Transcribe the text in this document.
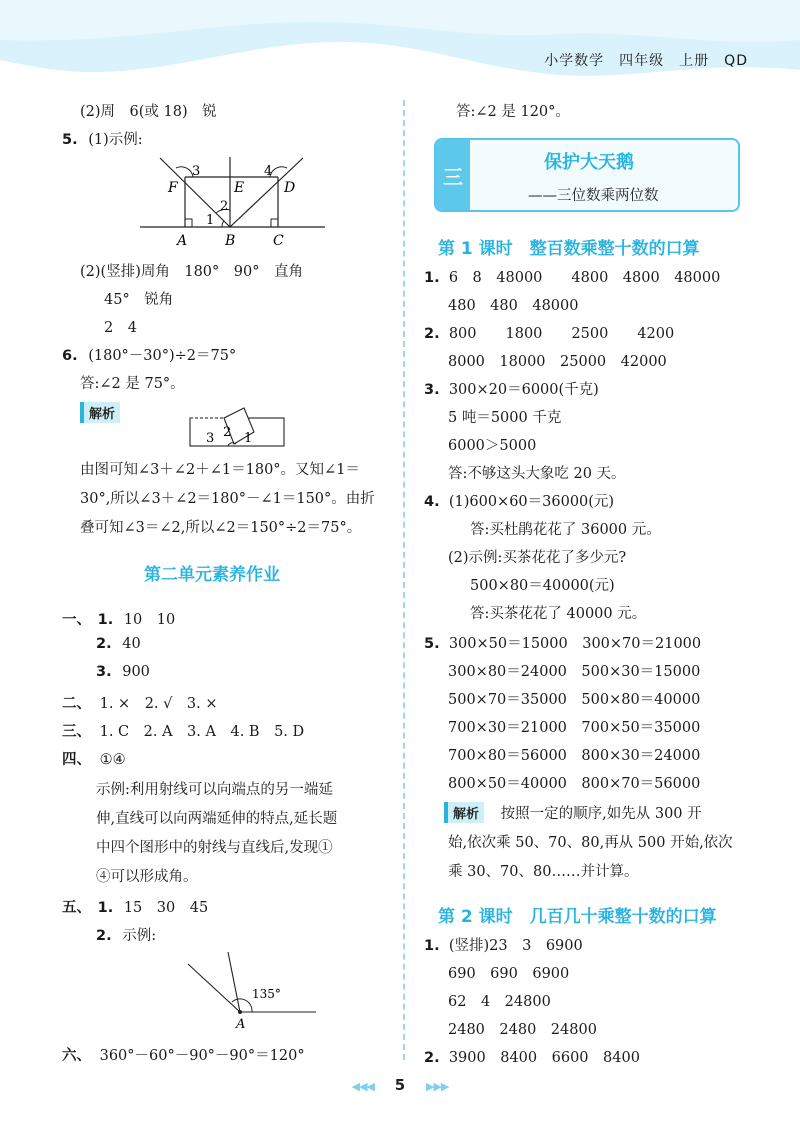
小学数学　四年级　上册　QD
(2)周　6(或 18)　锐
5. (1)示例:
3	4
F	E	D
2
1
A	B	C
(2)(竖排)周角　180°　90°　直角
45°　锐角
2　4
6. (180°－30°)÷2＝75°
答:∠2 是 75°。
解析
3 2 1
由图可知∠3＋∠2＋∠1＝180°。又知∠1＝
30°,所以∠3＋∠2＝180°－∠1＝150°。由折
叠可知∠3＝∠2,所以∠2＝150°÷2＝75°。
第二单元素养作业
一、 1. 10　10
2. 40
3. 900
二、 1. ×　2. √　3. ×
三、 1. C　2. A　3. A　4. B　5. D
四、 ①④
示例:利用射线可以向端点的另一端延
伸,直线可以向两端延伸的特点,延长题
中四个图形中的射线与直线后,发现①
④可以形成角。
五、 1. 15　30　45
2. 示例:
135°
A
六、 360°－60°－90°－90°＝120°
答:∠2 是 120°。
三
保护大天鹅
——三位数乘两位数
第 1 课时　整百数乘整十数的口算
1. 6　8　48000　　4800　4800　48000
480　480　48000
2. 800　　1800　　2500　　4200
8000　18000　25000　42000
3. 300×20＝6000(千克)
5 吨＝5000 千克
6000＞5000
答:不够这头大象吃 20 天。
4. (1)600×60＝36000(元)
答:买杜鹃花花了 36000 元。
(2)示例:买茶花花了多少元?
500×80＝40000(元)
答:买茶花花了 40000 元。
5. 300×50＝15000　300×70＝21000
300×80＝24000　500×30＝15000
500×70＝35000　500×80＝40000
700×30＝21000　700×50＝35000
700×80＝56000　800×30＝24000
800×50＝40000　800×70＝56000
解析 按照一定的顺序,如先从 300 开
始,依次乘 50、70、80,再从 500 开始,依次
乘 30、70、80……并计算。
第 2 课时　几百几十乘整十数的口算
1. (竖排)23　3　6900
690　690　6900
62　4　24800
2480　2480　24800
2. 3900　8400　6600　8400
◀◀◀ 5 ▶▶▶
